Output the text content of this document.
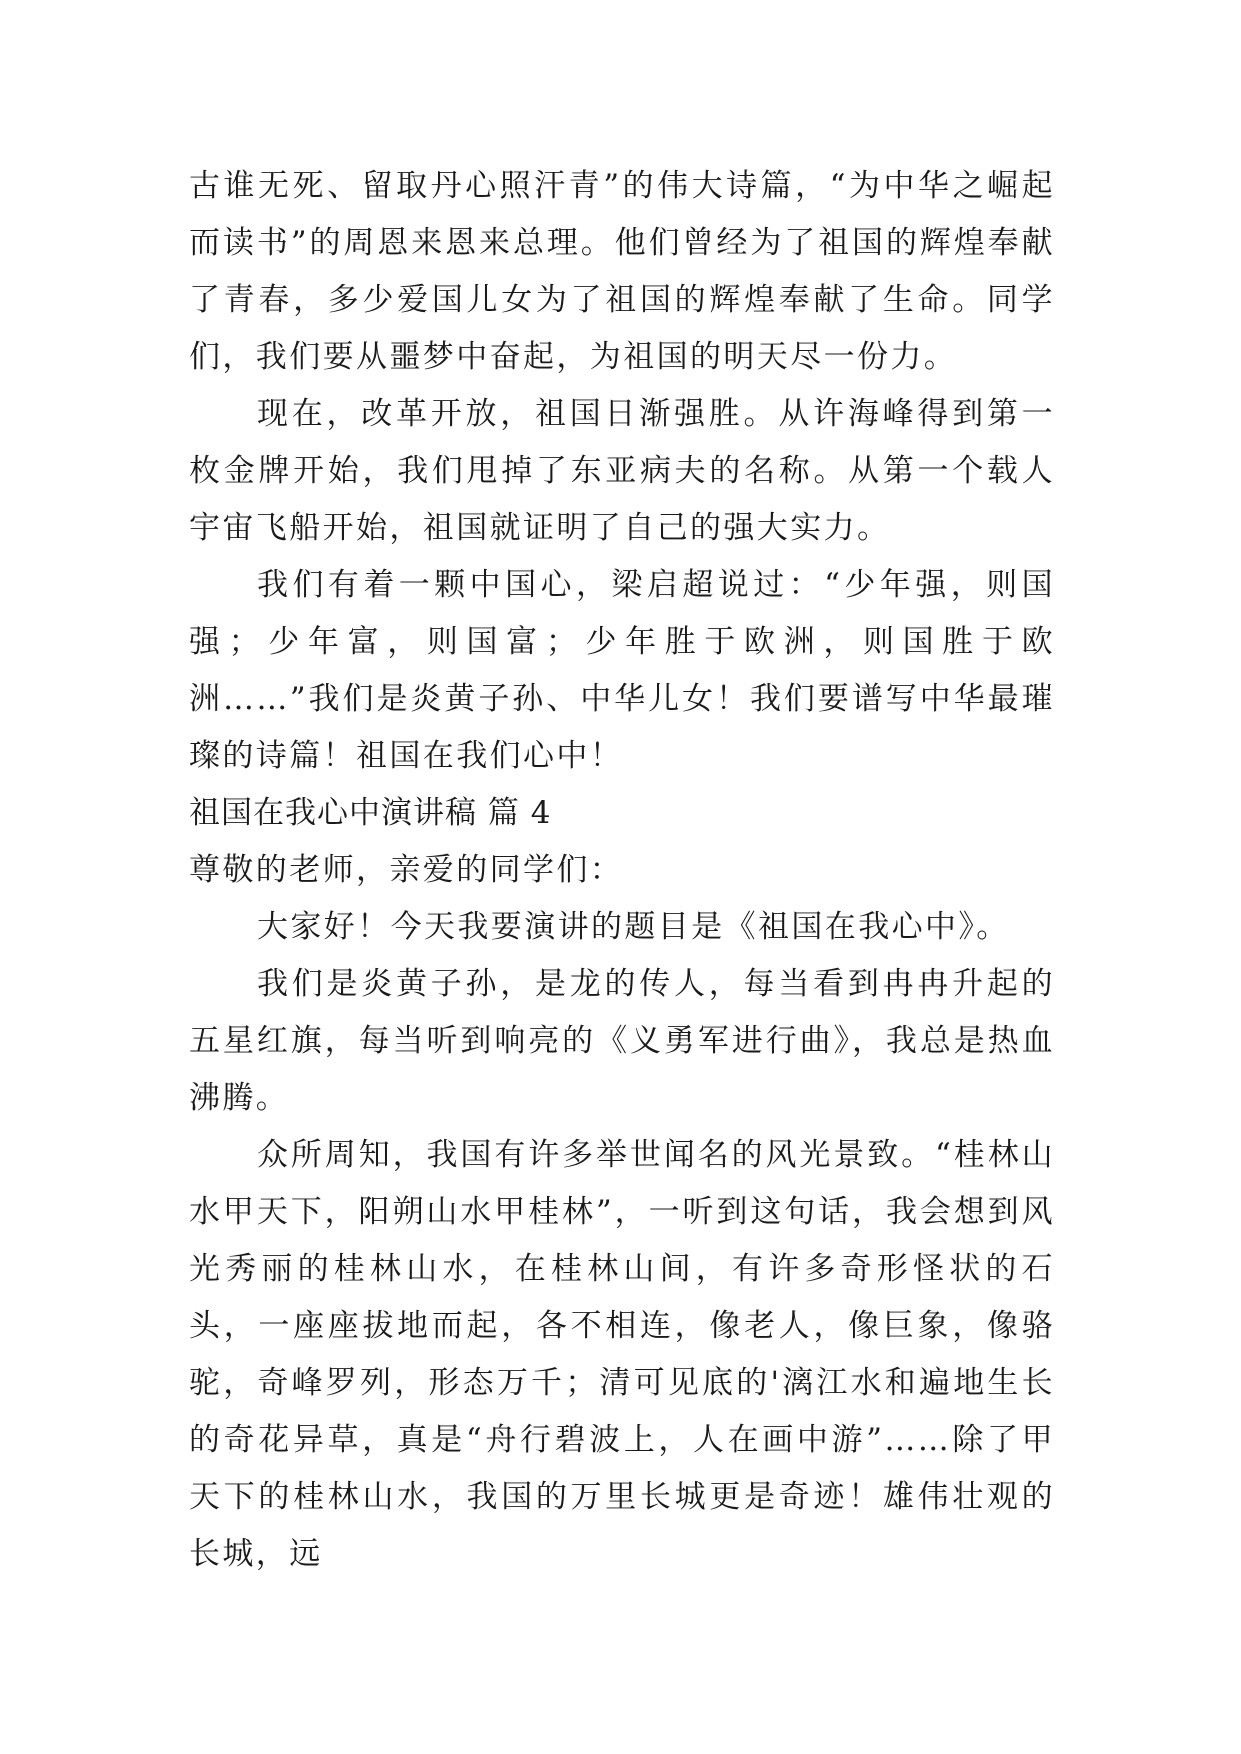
古谁无死、留取丹心照汗青”的伟大诗篇，“为中华之崛起而读书”的周恩来恩来总理。他们曾经为了祖国的辉煌奉献了青春，多少爱国儿女为了祖国的辉煌奉献了生命。同学们，我们要从噩梦中奋起，为祖国的明天尽一份力。

现在，改革开放，祖国日渐强胜。从许海峰得到第一枚金牌开始，我们甩掉了东亚病夫的名称。从第一个载人宇宙飞船开始，祖国就证明了自己的强大实力。

我们有着一颗中国心，梁启超说过：“少年强，则国强；少年富，则国富；少年胜于欧洲，则国胜于欧洲……”我们是炎黄子孙、中华儿女！我们要谱写中华最璀璨的诗篇！祖国在我们心中！

祖国在我心中演讲稿 篇 4

尊敬的老师，亲爱的同学们：

大家好！今天我要演讲的题目是《祖国在我心中》。

我们是炎黄子孙，是龙的传人，每当看到冉冉升起的五星红旗，每当听到响亮的《义勇军进行曲》，我总是热血沸腾。

众所周知，我国有许多举世闻名的风光景致。“桂林山水甲天下，阳朔山水甲桂林”，一听到这句话，我会想到风光秀丽的桂林山水，在桂林山间，有许多奇形怪状的石头，一座座拔地而起，各不相连，像老人，像巨象，像骆驼，奇峰罗列，形态万千；清可见底的'漓江水和遍地生长的奇花异草，真是“舟行碧波上，人在画中游”……除了甲天下的桂林山水，我国的万里长城更是奇迹！雄伟壮观的长城，远
